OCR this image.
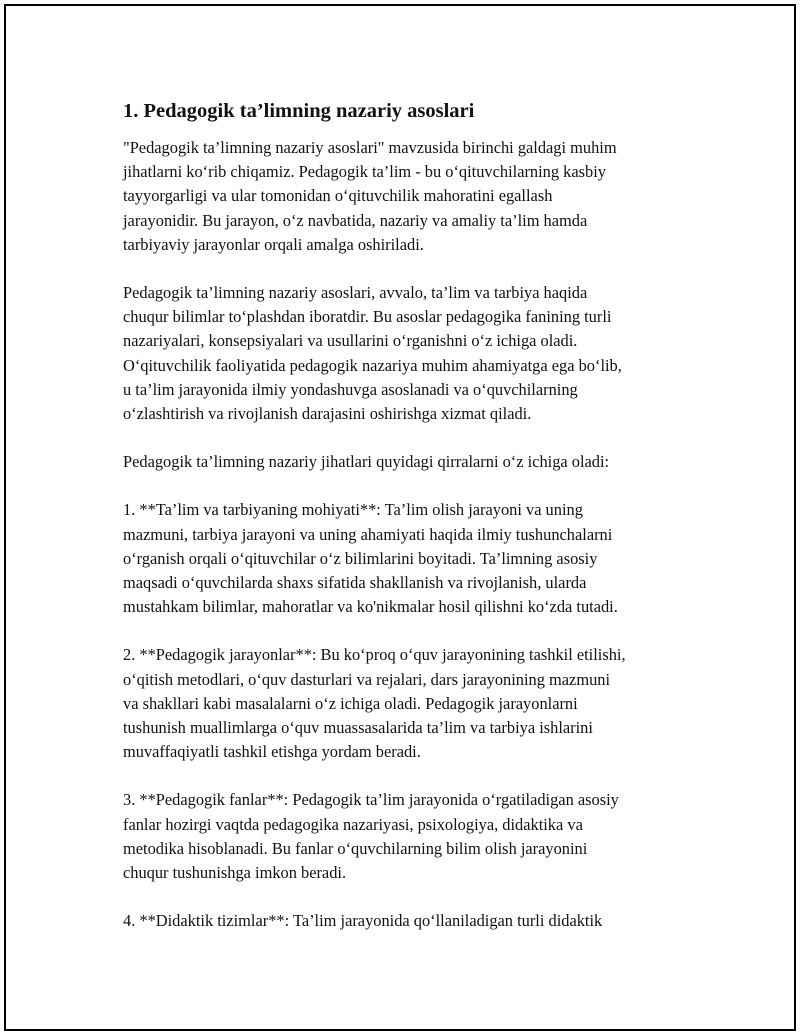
1. Pedagogik ta’limning nazariy asoslari
"Pedagogik ta’limning nazariy asoslari" mavzusida birinchi galdagi muhim
jihatlarni ko‘rib chiqamiz. Pedagogik ta’lim - bu o‘qituvchilarning kasbiy
tayyorgarligi va ular tomonidan o‘qituvchilik mahoratini egallash
jarayonidir. Bu jarayon, o‘z navbatida, nazariy va amaliy ta’lim hamda
tarbiyaviy jarayonlar orqali amalga oshiriladi.
Pedagogik ta’limning nazariy asoslari, avvalo, ta’lim va tarbiya haqida
chuqur bilimlar to‘plashdan iboratdir. Bu asoslar pedagogika fanining turli
nazariyalari, konsepsiyalari va usullarini o‘rganishni o‘z ichiga oladi.
O‘qituvchilik faoliyatida pedagogik nazariya muhim ahamiyatga ega bo‘lib,
u ta’lim jarayonida ilmiy yondashuvga asoslanadi va o‘quvchilarning
o‘zlashtirish va rivojlanish darajasini oshirishga xizmat qiladi.
Pedagogik ta’limning nazariy jihatlari quyidagi qirralarni o‘z ichiga oladi:
1. **Ta’lim va tarbiyaning mohiyati**: Ta’lim olish jarayoni va uning
mazmuni, tarbiya jarayoni va uning ahamiyati haqida ilmiy tushunchalarni
o‘rganish orqali o‘qituvchilar o‘z bilimlarini boyitadi. Ta’limning asosiy
maqsadi o‘quvchilarda shaxs sifatida shakllanish va rivojlanish, ularda
mustahkam bilimlar, mahoratlar va ko'nikmalar hosil qilishni ko‘zda tutadi.
2. **Pedagogik jarayonlar**: Bu ko‘proq o‘quv jarayonining tashkil etilishi,
o‘qitish metodlari, o‘quv dasturlari va rejalari, dars jarayonining mazmuni
va shakllari kabi masalalarni o‘z ichiga oladi. Pedagogik jarayonlarni
tushunish muallimlarga o‘quv muassasalarida ta’lim va tarbiya ishlarini
muvaffaqiyatli tashkil etishga yordam beradi.
3. **Pedagogik fanlar**: Pedagogik ta’lim jarayonida o‘rgatiladigan asosiy
fanlar hozirgi vaqtda pedagogika nazariyasi, psixologiya, didaktika va
metodika hisoblanadi. Bu fanlar o‘quvchilarning bilim olish jarayonini
chuqur tushunishga imkon beradi.
4. **Didaktik tizimlar**: Ta’lim jarayonida qo‘llaniladigan turli didaktik
